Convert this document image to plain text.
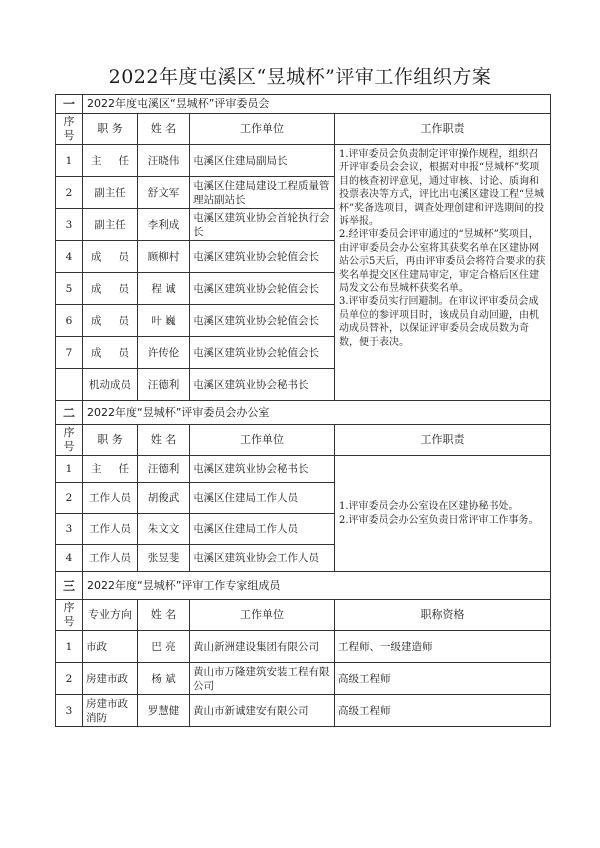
2022年度屯溪区“昱城杯”评审工作组织方案
一	2022年度屯溪区“昱城杯”评审委员会			
序号	职 务	姓 名	工作单位	工作职责
1	主 任	汪晓伟	屯溪区住建局副局长	1.评审委员会负责制定评审操作规程，组织召开评审委员会会议，根据对申报“昱城杯”奖项目的核查初评意见，通过审核、讨论、质询和投票表决等方式，评比出屯溪区建设工程“昱城杯”奖备选项目，调查处理创建和评选期间的投诉举报。

2.经评审委员会评审通过的“昱城杯”奖项目，由评审委员会办公室将其获奖名单在区建协网站公示5天后，再由评审委员会将符合要求的获奖名单提交区住建局审定，审定合格后区住建局发文公布昱城杯获奖名单。

3.评审委员实行回避制。在审议评审委员会成员单位的参评项目时，该成员自动回避，由机动成员替补，以保证评审委员会成员数为奇数，便于表决。

2	副主任	舒文军	屯溪区住建局建设工程质量管理站副站长	
3	副主任	李利成	屯溪区建筑业协会首轮执行会长	
4	成 员	顾柳村	屯溪区建筑业协会轮值会长	
5	成 员	程 诚	屯溪区建筑业协会轮值会长	
6	成 员	叶 巍	屯溪区建筑业协会轮值会长	
7	成 员	许传伦	屯溪区建筑业协会轮值会长	
	机动成员	汪德利	屯溪区建筑业协会秘书长	
二	2022年度“昱城杯”评审委员会办公室			
序号	职 务	姓 名	工作单位	工作职责
1	主 任	汪德利	屯溪区建筑业协会秘书长	1.评审委员会办公室设在区建协秘书处。

2.评审委员会办公室负责日常评审工作事务。

2	工作人员	胡俊武	屯溪区住建局工作人员	
3	工作人员	朱文文	屯溪区住建局工作人员	
4	工作人员	张昱斐	屯溪区建筑业协会工作人员	
三	2022年度“昱城杯”评审工作专家组成员			
序号	专业方向	姓 名	工作单位	职称资格
1	市政	巴 亮	黄山新洲建设集团有限公司	工程师、一级建造师
2	房建市政	杨 斌	黄山市万隆建筑安装工程有限公司	高级工程师
3	房建市政消防	罗慧健	黄山市新诚建安有限公司	高级工程师
